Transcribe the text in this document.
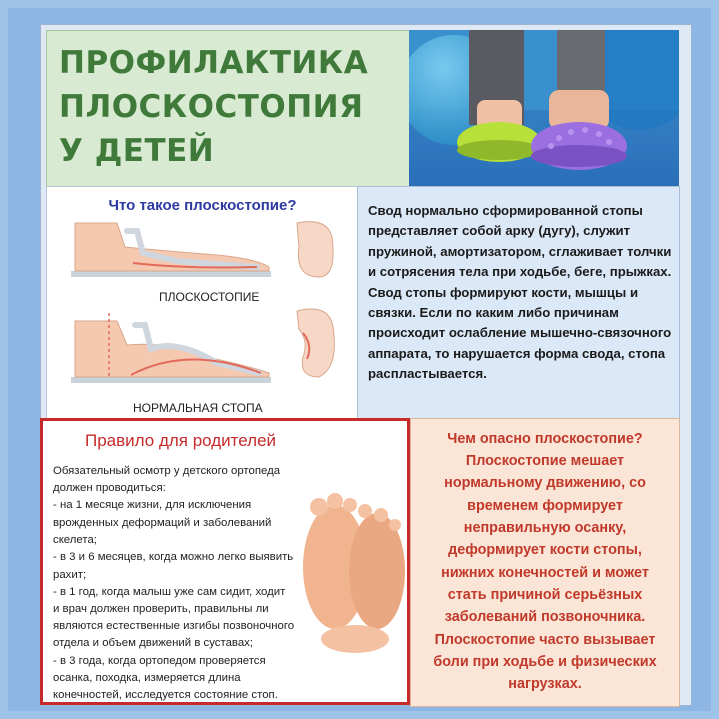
ПРОФИЛАКТИКА
ПЛОСКОСТОПИЯ
У ДЕТЕЙ
Что такое плоскостопие?
ПЛОСКОСТОПИЕ
НОРМАЛЬНАЯ СТОПА

Свод нормально сформированной стопы представляет собой арку (дугу), служит пружиной, амортизатором, сглаживает толчки и сотрясения тела при ходьбе, беге, прыжках. Свод стопы формируют кости, мышцы и связки. Если по каким либо причинам происходит ослабление мышечно-связочного аппарата, то нарушается форма свода, стопа распластывается.

Правило для родителей
Обязательный осмотр у детского ортопеда
должен проводиться:
- на 1 месяце жизни, для исключения
врожденных деформаций и заболеваний
скелета;
- в 3 и 6 месяцев, когда можно легко выявить
рахит;
- в 1 год, когда малыш уже сам сидит, ходит
и врач должен проверить, правильны ли
являются естественные изгибы позвоночного
отдела и объем движений в суставах;
- в 3 года, когда ортопедом проверяется
осанка, походка, измеряется длина
конечностей, исследуется состояние стоп.
Чем опасно плоскостопие?
Плоскостопие мешает
нормальному движению, со
временем формирует
неправильную осанку,
деформирует кости стопы,
нижних конечностей и может
стать причиной серьёзных
заболеваний позвоночника.
Плоскостопие часто вызывает
боли при ходьбе и физических
нагрузках.
